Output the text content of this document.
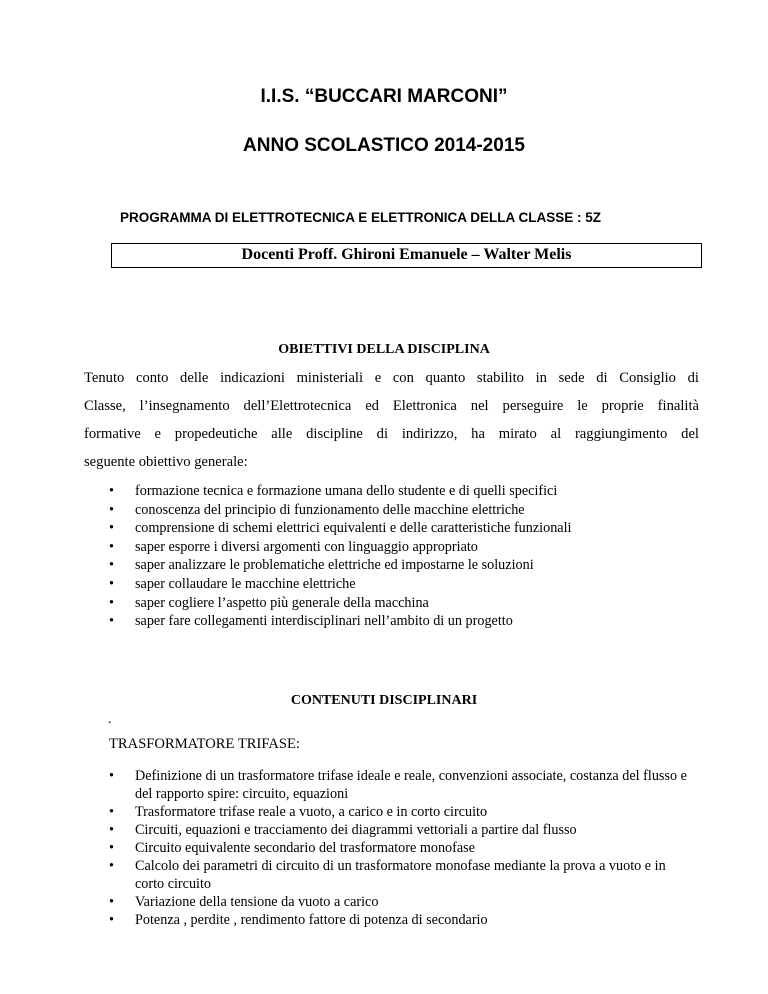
I.I.S. “BUCCARI MARCONI”
ANNO SCOLASTICO 2014-2015
PROGRAMMA DI ELETTROTECNICA E ELETTRONICA DELLA CLASSE : 5Z
Docenti Proff. Ghironi Emanuele – Walter Melis
OBIETTIVI DELLA DISCIPLINA
Tenuto conto delle indicazioni ministeriali e con quanto stabilito in sede di Consiglio di
Classe, l’insegnamento dell’Elettrotecnica ed Elettronica nel perseguire le proprie finalità
formative e propedeutiche alle discipline di indirizzo, ha mirato al raggiungimento del
seguente obiettivo generale:
• formazione tecnica e formazione umana dello studente e di quelli specifici
• conoscenza del principio di funzionamento delle macchine elettriche
• comprensione di schemi elettrici equivalenti e delle caratteristiche funzionali
• saper esporre i diversi argomenti con linguaggio appropriato
• saper analizzare le problematiche elettriche ed impostarne le soluzioni
• saper collaudare le macchine elettriche
• saper cogliere l’aspetto più generale della macchina
• saper fare collegamenti interdisciplinari nell’ambito di un progetto
CONTENUTI DISCIPLINARI
.
TRASFORMATORE TRIFASE:
• Definizione di un trasformatore trifase ideale e reale, convenzioni associate, costanza del flusso e del rapporto spire: circuito, equazioni
• Trasformatore trifase reale a vuoto, a carico e in corto circuito
• Circuiti, equazioni e tracciamento dei diagrammi vettoriali a partire dal flusso
• Circuito equivalente secondario del trasformatore monofase
• Calcolo dei parametri di circuito di un trasformatore monofase mediante la prova a vuoto e in corto circuito
• Variazione della tensione da vuoto a carico
• Potenza , perdite , rendimento fattore di potenza di secondario
